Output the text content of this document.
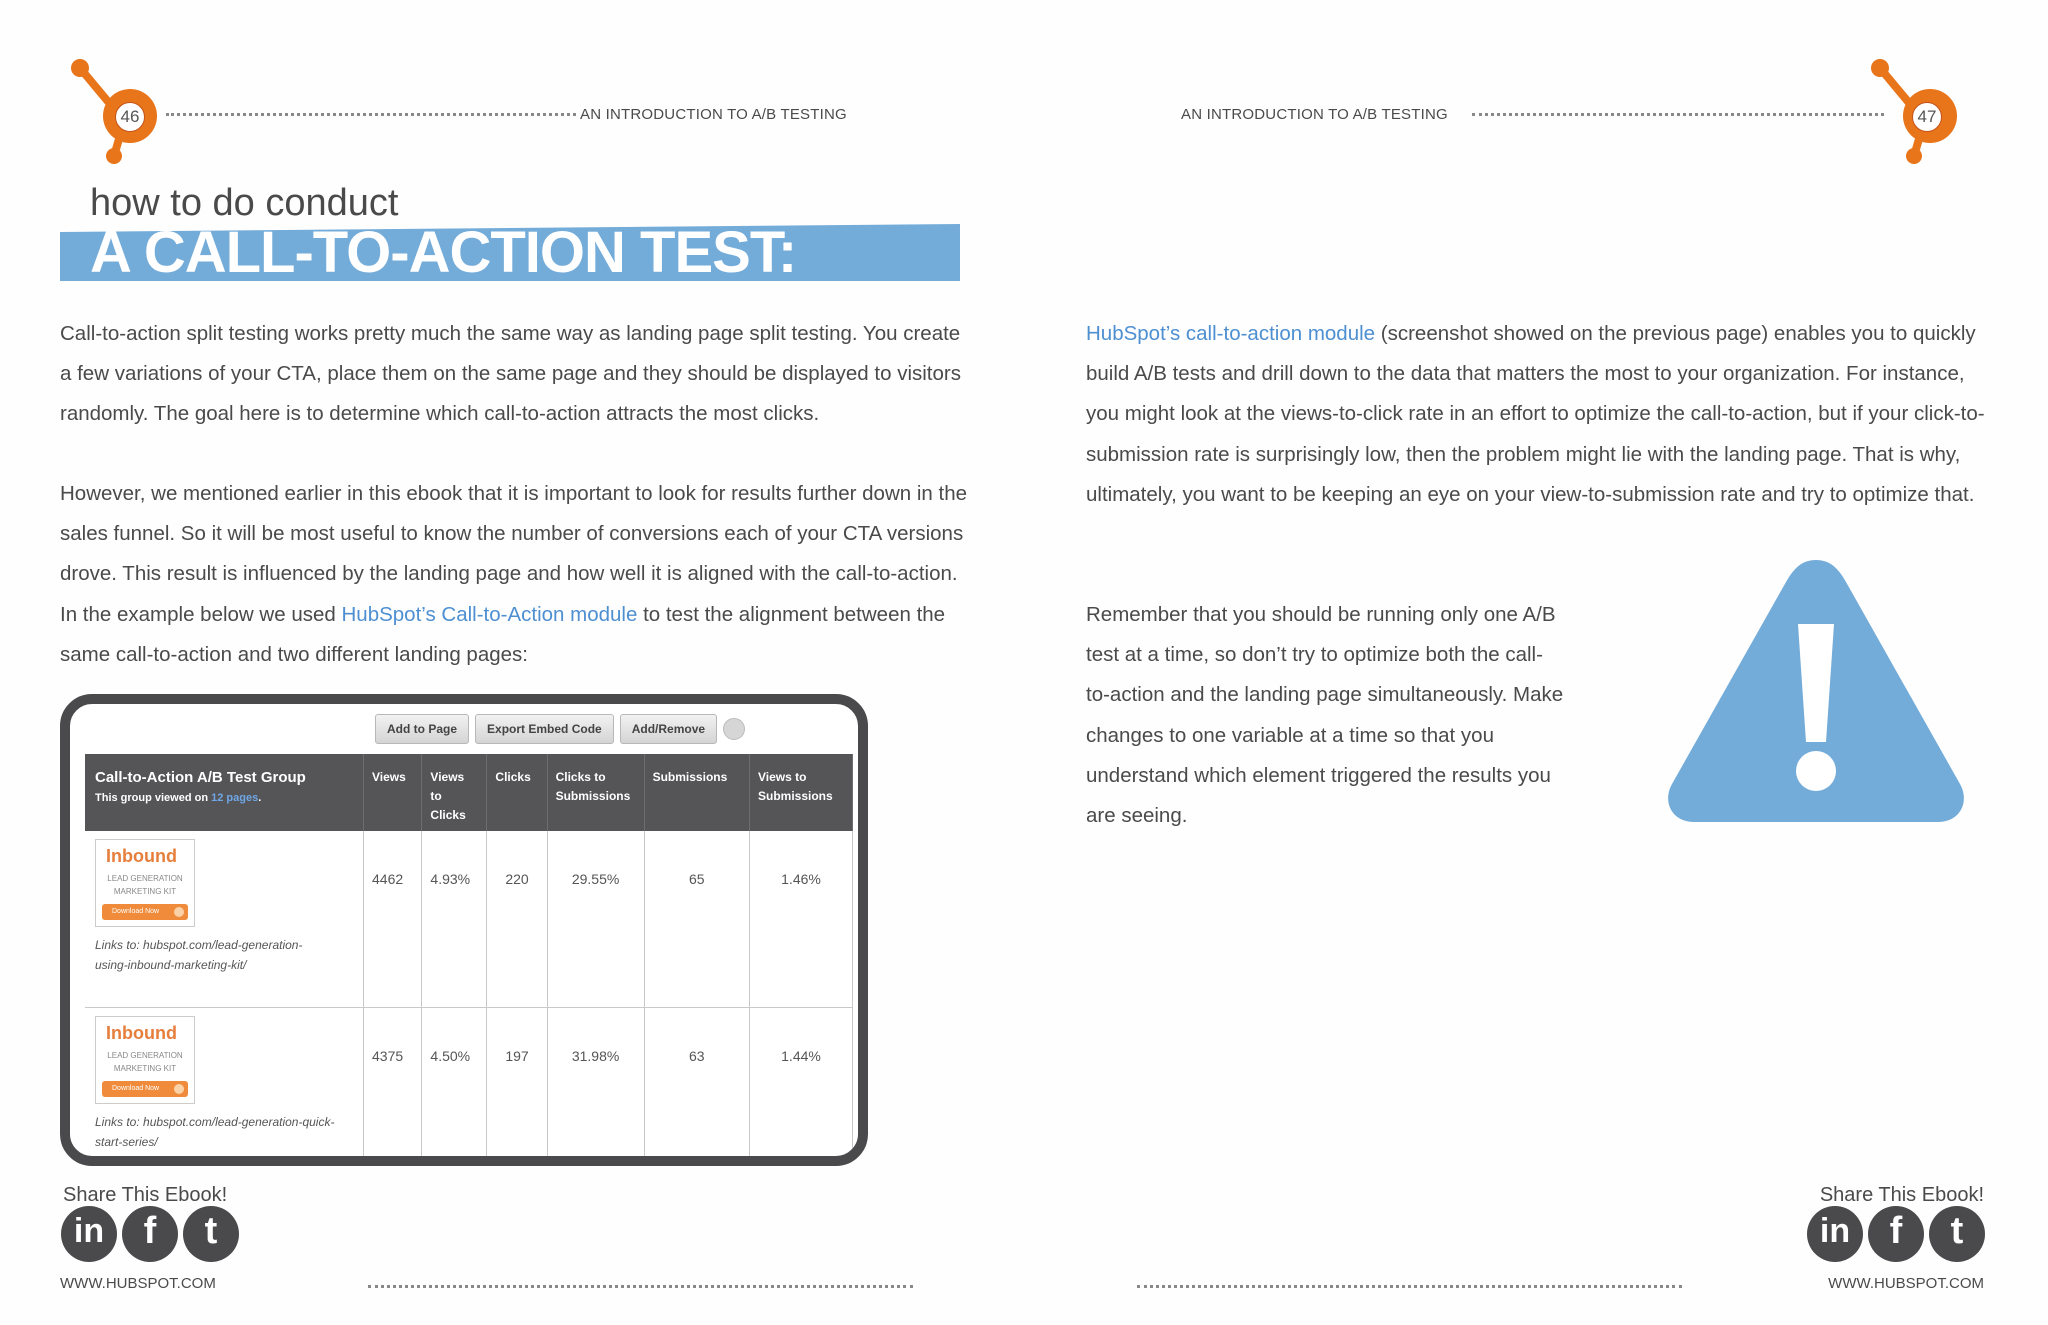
46	AN INTRODUCTION TO A/B TESTING	AN INTRODUCTION TO A/B TESTING	47
how to do conduct
A CALL-TO-ACTION TEST:

Call-to-action split testing works pretty much the same way as landing page split testing. You create a few variations of your CTA, place them on the same page and they should be displayed to visitors randomly. The goal here is to determine which call-to-action attracts the most clicks.

However, we mentioned earlier in this ebook that it is important to look for results further down in the sales funnel. So it will be most useful to know the number of conversions each of your CTA versions drove. This result is influenced by the landing page and how well it is aligned with the call-to-action. In the example below we used HubSpot’s Call-to-Action module to test the alignment between the same call-to-action and two different landing pages:

Add to Page	Export Embed Code	Add/Remove
Call-to-Action A/B Test Group
This group viewed on 12 pages.	Views	Views to Clicks	Clicks	Clicks to Submissions	Submissions	Views to Submissions

Inbound
LEAD GENERATION MARKETING KIT
Download Now
Links to: hubspot.com/lead-generation-using-inbound-marketing-kit/	4462	4.93%	220	29.55%	65	1.46%

Inbound
LEAD GENERATION MARKETING KIT
Download Now
Links to: hubspot.com/lead-generation-quick-start-series/	4375	4.50%	197	31.98%	63	1.44%

HubSpot’s call-to-action module (screenshot showed on the previous page) enables you to quickly build A/B tests and drill down to the data that matters the most to your organization. For instance, you might look at the views-to-click rate in an effort to optimize the call-to-action, but if your click-to-submission rate is surprisingly low, then the problem might lie with the landing page. That is why, ultimately, you want to be keeping an eye on your view-to-submission rate and try to optimize that.

Remember that you should be running only one A/B test at a time, so don’t try to optimize both the call-to-action and the landing page simultaneously. Make changes to one variable at a time so that you understand which element triggered the results you are seeing.

Share This Ebook!
in	f	t
WWW.HUBSPOT.COM
Share This Ebook!
in	f	t
WWW.HUBSPOT.COM
